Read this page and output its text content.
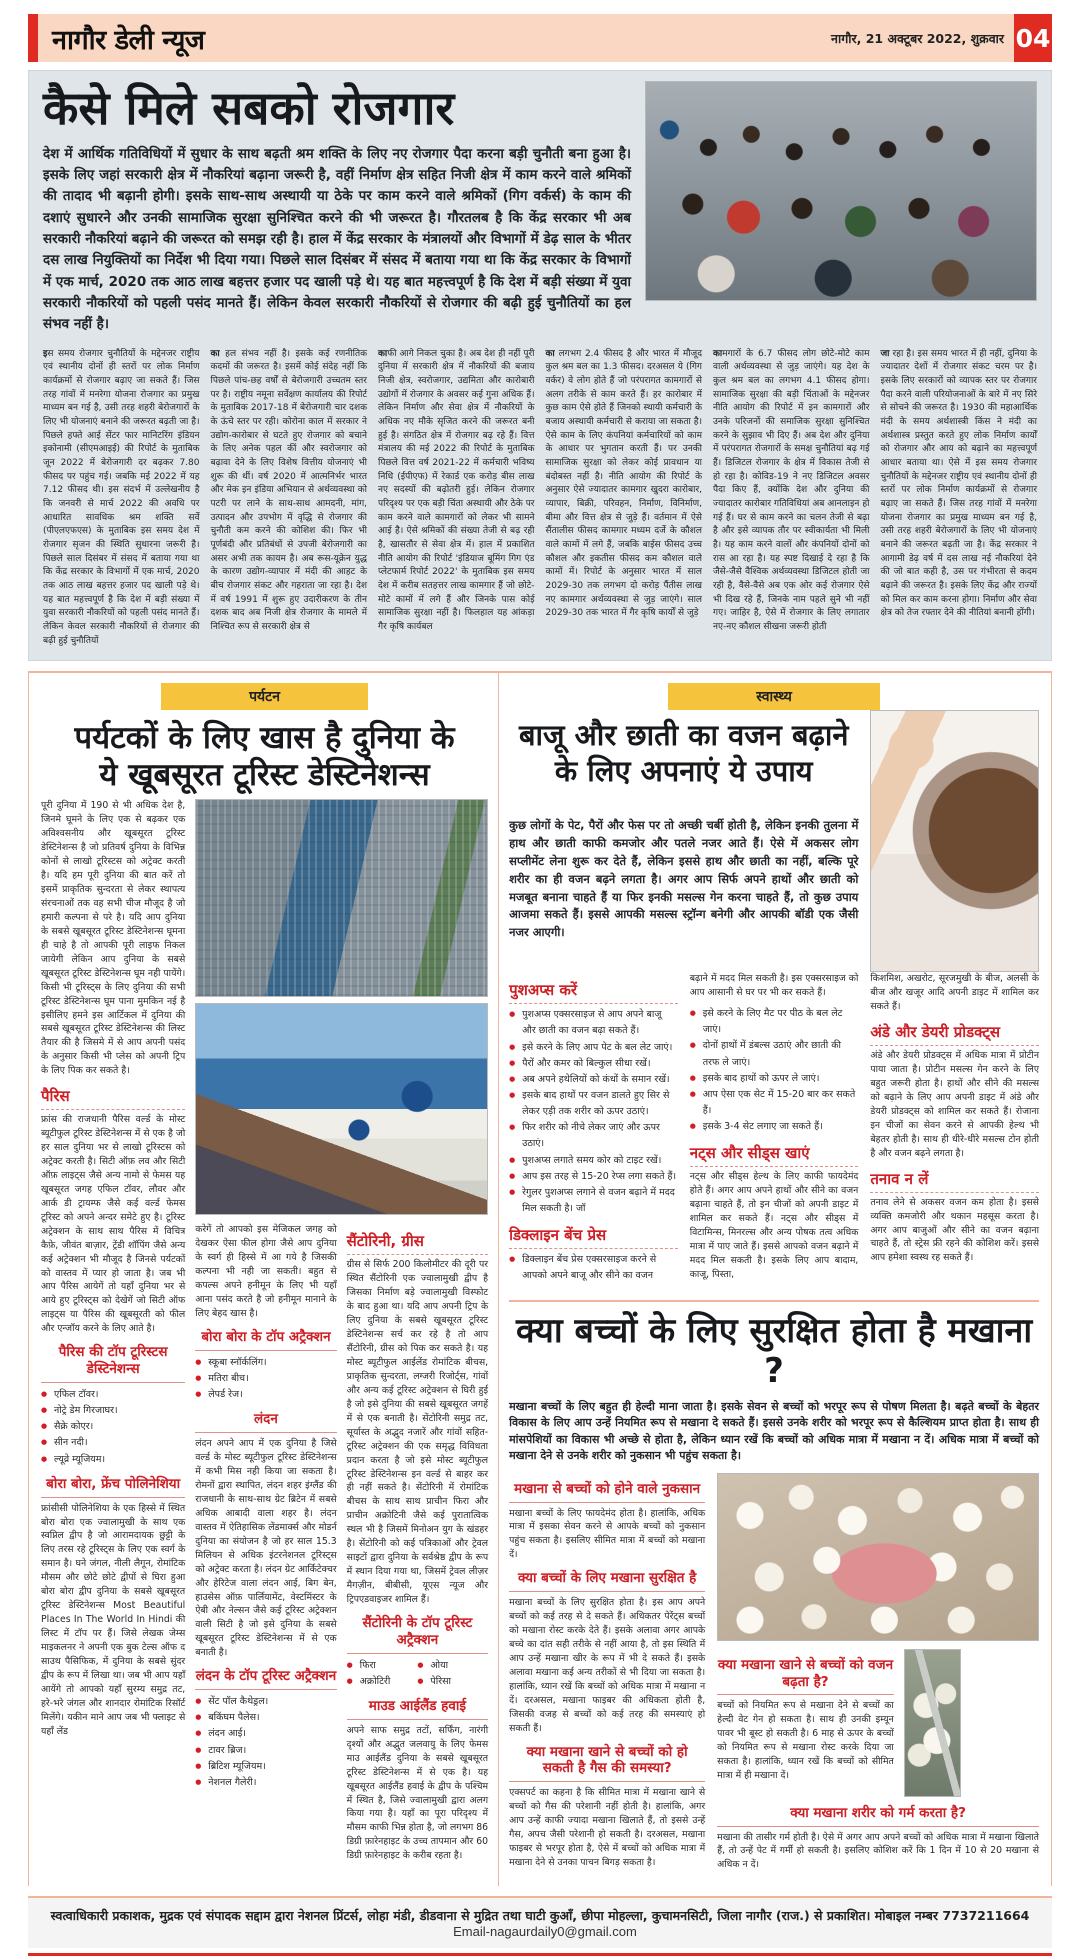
नागौर डेली न्यूज	नागौर, 21 अक्टूबर 2022, शुक्रवार 04
कैसे मिले सबको रोजगार

देश में आर्थिक गतिविधियों में सुधार के साथ बढ़ती श्रम शक्ति के लिए नए रोजगार पैदा करना बड़ी चुनौती बना हुआ है। इसके लिए जहां सरकारी क्षेत्र में नौकरियां बढ़ाना जरूरी है, वहीं निर्माण क्षेत्र सहित निजी क्षेत्र में काम करने वाले श्रमिकों की तादाद भी बढ़ानी होगी। इसके साथ-साथ अस्थायी या ठेके पर काम करने वाले श्रमिकों (गिग वर्कर्स) के काम की दशाएं सुधारने और उनकी सामाजिक सुरक्षा सुनिश्चित करने की भी जरूरत है। गौरतलब है कि केंद्र सरकार भी अब सरकारी नौकरियां बढ़ाने की जरूरत को समझ रही है। हाल में केंद्र सरकार के मंत्रालयों और विभागों में डेढ़ साल के भीतर दस लाख नियुक्तियों का निर्देश भी दिया गया। पिछले साल दिसंबर में संसद में बताया गया था कि केंद्र सरकार के विभागों में एक मार्च, 2020 तक आठ लाख बहत्तर हजार पद खाली पड़े थे। यह बात महत्त्वपूर्ण है कि देश में बड़ी संख्या में युवा सरकारी नौकरियों को पहली पसंद मानते हैं। लेकिन केवल सरकारी नौकरियों से रोजगार की बढ़ी हुई चुनौतियों का हल संभव नहीं है।

इस समय रोजगार चुनौतियों के मद्देनजर राष्ट्रीय एवं स्थानीय दोनों ही स्तरों पर लोक निर्माण कार्यक्रमों से रोजगार बढ़ाए जा सकते हैं। जिस तरह गांवों में मनरेगा योजना रोजगार का प्रमुख माध्यम बन गई है, उसी तरह शहरी बेरोजगारों के लिए भी योजनाएं बनाने की जरूरत बढ़ती जा है। पिछले हफ्ते आई सेंटर फार मानिटरिंग इंडियन इकोनामी (सीएमआइई) की रिपोर्ट के मुताबिक जून 2022 में बेरोजगारी दर बढ़कर 7.80 फीसद पर पहुंच गई। जबकि मई 2022 में यह 7.12 फीसद थी। इस संदर्भ में उल्लेखनीय है कि जनवरी से मार्च 2022 की अवधि पर आधारित सावधिक श्रम शक्ति सर्वे (पीएलएफएस) के मुताबिक इस समय देश में रोजगार सृजन की स्थिति सुधारना जरूरी है। पिछले साल दिसंबर में संसद में बताया गया था कि केंद्र सरकार के विभागों में एक मार्च, 2020 तक आठ लाख बहत्तर हजार पद खाली पड़े थे। यह बात महत्त्वपूर्ण है कि देश में बड़ी संख्या में युवा सरकारी नौकरियों को पहली पसंद मानते हैं। लेकिन केवल सरकारी नौकरियों से रोजगार की बढ़ी हुई चुनौतियों

का हल संभव नहीं है। इसके कई रणनीतिक कदमों की जरूरत है। इसमें कोई संदेह नहीं कि पिछले पांच-छह वर्षों से बेरोजगारी उच्चतम स्तर पर है। राष्ट्रीय नमूना सर्वेक्षण कार्यालय की रिपोर्ट के मुताबिक 2017-18 में बेरोजगारी चार दशक के ऊंचे स्तर पर रही। कोरोना काल में सरकार ने उद्योग-कारोबार से घटते हुए रोजगार को बचाने के लिए अनेक पहल कीं और स्वरोजगार को बढ़ावा देने के लिए विशेष वित्तीय योजनाएं भी शुरू की थीं। वर्ष 2020 में आत्मनिर्भर भारत और मेक इन इंडिया अभियान से अर्थव्यवस्था को पटरी पर लाने के साथ-साथ आमदनी, मांग, उत्पादन और उपभोग में वृद्धि से रोजगार की चुनौती कम करने की कोशिश की। फिर भी पूर्णबंदी और प्रतिबंधों से उपजी बेरोजगारी का असर अभी तक कायम है। अब रूस-यूक्रेन युद्ध के कारण उद्योग-व्यापार में मंदी की आहट के बीच रोजगार संकट और गहराता जा रहा है। देश में वर्ष 1991 में शुरू हुए उदारीकरण के तीन दशक बाद अब निजी क्षेत्र रोजगार के मामले में निश्चित रूप से सरकारी क्षेत्र से

काफी आगे निकल चुका है। अब देश ही नहीं पूरी दुनिया में सरकारी क्षेत्र में नौकरियों की बजाय निजी क्षेत्र, स्वरोजगार, उद्यमिता और कारोबारी उद्योगों में रोजगार के अवसर कई गुना अधिक हैं। लेकिन निर्माण और सेवा क्षेत्र में नौकरियों के अधिक नए मौके सृजित करने की जरूरत बनी हुई है। संगठित क्षेत्र में रोजगार बढ़ रहे हैं। वित्त मंत्रालय की मई 2022 की रिपोर्ट के मुताबिक पिछले वित्त वर्ष 2021-22 में कर्मचारी भविष्य निधि (ईपीएफ) में रेकार्ड एक करोड़ बीस लाख नए सदस्यों की बढ़ोतरी हुई। लेकिन रोजगार परिदृश्य पर एक बड़ी चिंता अस्थायी और ठेके पर काम करने वाले कामगारों को लेकर भी सामने आई है। ऐसे श्रमिकों की संख्या तेजी से बढ़ रही है, खासतौर से सेवा क्षेत्र में। हाल में प्रकाशित नीति आयोग की रिपोर्ट 'इंडियाज बूमिंग गिग एंड प्लेटफार्म रिपोर्ट 2022' के मुताबिक इस समय देश में करीब सतहत्तर लाख कामगार हैं जो छोटे-मोटे कामों में लगे हैं और जिनके पास कोई सामाजिक सुरक्षा नहीं है। फिलहाल यह आंकड़ा गैर कृषि कार्यबल

का लगभग 2.4 फीसद है और भारत में मौजूद कुल श्रम बल का 1.3 फीसद। दरअसल ये (गिग वर्कर) वे लोग होते हैं जो परंपरागत कामगारों से अलग तरीके से काम करते हैं। हर कारोबार में कुछ काम ऐसे होते हैं जिनको स्थायी कर्मचारी के बजाय अस्थायी कर्मचारी से कराया जा सकता है। ऐसे काम के लिए कंपनियां कर्मचारियों को काम के आधार पर भुगतान करती हैं। पर उनकी सामाजिक सुरक्षा को लेकर कोई प्रावधान या बंदोबस्त नहीं है। नीति आयोग की रिपोर्ट के अनुसार ऐसे ज्यादातर कामगार खुदरा कारोबार, व्यापार, बिक्री, परिवहन, निर्माण, विनिर्माण, बीमा और वित्त क्षेत्र से जुड़े हैं। वर्तमान में ऐसे सैंतालीस फीसद कामगार मध्यम दर्जे के कौशल वाले कामों में लगे हैं, जबकि बाईस फीसद उच्च कौशल और इकतीस फीसद कम कौशल वाले कामों में। रिपोर्ट के अनुसार भारत में साल 2029-30 तक लगभग दो करोड़ पैंतीस लाख नए कामगार अर्थव्यवस्था से जुड़ जाएंगे। साल 2029-30 तक भारत में गैर कृषि कार्यों से जुड़े

कामगारों के 6.7 फीसद लोग छोटे-मोटे काम वाली अर्थव्यवस्था से जुड़ जाएंगे। यह देश के कुल श्रम बल का लगभग 4.1 फीसद होगा। सामाजिक सुरक्षा की बड़ी चिंताओं के मद्देनजर नीति आयोग की रिपोर्ट में इन कामगारों और उनके परिजनों की समाजिक सुरक्षा सुनिश्चित करने के सुझाव भी दिए हैं। अब देश और दुनिया में परंपरागत रोजगारों के समक्ष चुनौतियां बढ़ गई हैं। डिजिटल रोजगार के क्षेत्र में विकास तेजी से हो रहा है। कोविड-19 ने नए डिजिटल अवसर पैदा किए हैं, क्योंकि देश और दुनिया की ज्यादातर कारोबार गतिविधियां अब आनलाइन हो गई हैं। घर से काम करने का चलन तेजी से बढ़ा है और इसे व्यापक तौर पर स्वीकार्यता भी मिली है। यह काम करने वालों और कंपनियों दोनों को रास आ रहा है। यह स्पष्ट दिखाई दे रहा है कि जैसे-जैसे वैश्विक अर्थव्यवस्था डिजिटल होती जा रही है, वैसे-वैसे अब एक ओर कई रोजगार ऐसे भी दिख रहे हैं, जिनके नाम पहले सुने भी नहीं गए। जाहिर है, ऐसे में रोजगार के लिए लगातार नए-नए कौशल सीखना जरूरी होती

जा रहा है। इस समय भारत में ही नहीं, दुनिया के ज्यादातर देशों में रोजगार संकट चरम पर है। इसके लिए सरकारों को व्यापक स्तर पर रोजगार पैदा करने वाली परियोजनाओं के बारे में नए सिरे से सोचने की जरूरत है। 1930 की महाआर्थिक मंदी के समय अर्थशास्त्री किंस ने मंदी का अर्थशास्त्र प्रस्तुत करते हुए लोक निर्माण कार्यों को रोजगार और आय को बढ़ाने का महत्त्वपूर्ण आधार बताया था। ऐसे में इस समय रोजगार चुनौतियों के मद्देनजर राष्ट्रीय एवं स्थानीय दोनों ही स्तरों पर लोक निर्माण कार्यक्रमों से रोजगार बढ़ाए जा सकते हैं। जिस तरह गांवों में मनरेगा योजना रोजगार का प्रमुख माध्यम बन गई है, उसी तरह शहरी बेरोजगारों के लिए भी योजनाएं बनाने की जरूरत बढ़ती जा है। केंद्र सरकार ने आगामी डेढ़ वर्ष में दस लाख नई नौकरियां देने की जो बात कही है, उस पर गंभीरता से कदम बढ़ाने की जरूरत है। इसके लिए केंद्र और राज्यों को मिल कर काम करना होगा। निर्माण और सेवा क्षेत्र को तेज रफ्तार देने की नीतियां बनानी होंगी।

पर्यटन
पर्यटकों के लिए खास है दुनिया के
ये खूबसूरत टूरिस्ट डेस्टिनेशन्स

पूरी दुनिया में 190 से भी अधिक देश है, जिनमे घूमने के लिए एक से बढ़कर एक अविश्वसनीय और खूबसूरत टूरिस्ट डेस्टिनेशन्स है जो प्रतिवर्ष दुनिया के विभिन्न कोनों से लाखो टूरिस्टस को अट्रेक्ट करती है। यदि हम पूरी दुनिया की बात करें तो इसमें प्राकृतिक सुन्दरता से लेकर स्थापत्य संरचनाओं तक वह सभी चीज मौजूद है जो हमारी कल्पना से परे है। यदि आप दुनिया के सबसे खूबसूरत टूरिस्ट डेस्टिनेशन्स घूमना ही चाहे है तो आपकी पूरी लाइफ निकल जायेगी लेकिन आप दुनिया के सबसे खूबसूरत टूरिस्ट डेस्टिनेशन्स घूम नही पायेंगे। किसी भी टूरिस्ट्स के लिए दुनिया की सभी टूरिस्ट डेस्टिनेशन्स घूम पाना मुमकिन नई है इसीलिए हमने इस आर्टिकल में दुनिया की सबसे खूबसूरत टूरिस्ट डेस्टिनेशन्स की लिस्ट तैयार की है जिसमे में से आप अपनी पसंद के अनुसार किसी भी प्लेस को अपनी ट्रिप के लिए पिक कर सकते है।

पैरिस

फ्रांस की राजधानी पैरिस वर्ल्ड के मोस्ट ब्यूटीफुल टूरिस्ट डेस्टिनेशन्स में से एक है जो हर साल दुनिया भर से लाखो टूरिस्टस को अट्रेक्ट करती है। सिटी ऑफ़ लव और सिटी ऑफ़ लाइट्स जैसे अन्य नामो से फेमस यह खूबसूरत जगह एफिल टॉवर, लौवर और आर्क डी ट्रायम्फ जैसे कई वर्ल्ड फेमस टूरिस्ट को अपने अन्दर समेटे हुए है। टूरिस्ट अट्रेक्शन के साथ साथ पैरिस में विचित्र कैफ़े, जीवंत बाज़ार, ट्रेंडी शॉपिंग जैसे अन्य कई अट्रेक्शन भी मौजूद है जिनसे पर्यटकों को वास्तव में प्यार हो जाता है। जब भी आप पैरिस आयेगें तो यहाँ दुनिया भर से आये हुए टूरिस्ट्स को देखेगें जो सिटी ऑफ लाइट्स या पैरिस की खूबसूरती को फील और एन्जॉय करने के लिए आते है।

पैरिस की टॉप टूरिस्टस डेस्टिनेशन्स
● एफिल टॉवर।
● नोट्रे डेम गिरजाघर।
● सैक्रे कोएर।
● सीन नदी।
● ल्यूव्रे म्यूजियम।
बोरा बोरा, फ्रेंच पोलिनेशिया

फ्रांसीसी पोलिनेशिया के एक हिस्से में स्थित बोरा बोरा एक ज्वालामुखी के साथ एक स्वप्निल द्वीप है जो आरामदायक छुट्टी के लिए तरस रहे टूरिस्ट्स के लिए एक स्वर्ग के समान है। घने जंगल, नीली लैगून, रोमांटिक मौसम और छोटे छोटे द्वीपों से घिरा हुआ बोरा बोरा द्वीप दुनिया के सबसे खूबसूरत टूरिस्ट डेस्टिनेशन्स Most Beautiful Places In The World In Hindi की लिस्ट में टॉप पर हैं। जिसे लेखक जेम्स माइकलनर ने अपनी एक बुक टेल्स ऑफ द साउथ पैसिफिक, में दुनिया के सबसे सुंदर द्वीप के रूप में लिखा था। जब भी आप यहाँ आयेंगे तो आपको यहाँ सुरम्य समुद्र तट, हरे-भरे जंगल और शानदार रोमांटिक रिसॉर्ट मिलेंगे। यकीन माने आप जब भी फ्लाइट से यहाँ लेंड

करेगें तो आपको इस मेजिकल जगह को देखकर ऐसा फील होगा जैसे आप दुनिया के स्वर्ग ही हिस्से में आ गये है जिसकी कल्पना भी नही जा सकती। बहुत से कपल्स अपने हनीमून के लिए भी यहाँ आना पसंद करते है जो हनीमून मानाने के लिए बेहद खास है।

बोरा बोरा के टॉप अट्रैक्शन
● स्कूबा स्नॉर्कलिंग।
● मतिरा बीच।
● लेपर्ड रेज।
लंदन

लंदन अपने आप में एक दुनिया है जिसे वर्ल्ड के मोस्ट ब्यूटीफुल टूरिस्ट डेस्टिनेशन्स में कभी मिस नही किया जा सकता है। रोमनों द्वारा स्थापित, लंदन शहर इंग्लैंड की राजधानी के साथ-साथ ग्रेट ब्रिटेन में सबसे अधिक आबादी वाला शहर है। लंदन वास्तव में ऐतिहासिक लेंडमार्क्स और मोडर्न दुनिया का संयोजन है जो हर साल 15.3 मिलियन से अधिक इंटरनेशनल टूरिस्ट्स को अट्रेक्ट करता है। लंदन ग्रेट आर्किटेक्चर और हेरिटेज वाला लंदन आई, बिग बेन, हाउसेस ऑफ़ पार्लियामेंट, वेस्टमिंस्टर के ऐबी और नेल्सन जैसे कई टूरिस्ट अट्रेक्शन वाली सिटी है जो इसे दुनिया के सबसे खूबसूरत टूरिस्ट डेस्टिनेशन्स में से एक बनाती है।

लंदन के टॉप टूरिस्ट अट्रैक्शन
● सेंट पॉल कैथेड्रल।
● बकिंघम पैलेस।
● लंदन आई।
● टावर ब्रिज।
● ब्रिटिश म्यूजियम।
● नेशनल गैलेरी।
सैंटोरिनी, ग्रीस

ग्रीस से सिर्फ 200 किलोमीटर की दूरी पर स्थित सैंटोरिनी एक ज्वालामुखी द्वीप है जिसका निर्माण बड़े ज्वालामुखी विस्फोट के बाद हुआ था। यदि आप अपनी ट्रिप के लिए दुनिया के सबसे खूबसूरत टूरिस्ट डेस्टिनेशन्स सर्च कर रहे है तो आप सैंटोरिनी, ग्रीस को पिक कर सकते है। यह मोस्ट ब्यूटीफुल आईलेंड रोमांटिक बीचस, प्राकृतिक सुन्दरता, लग्जरी रिजोर्ट्स, गांवों और अन्य कई टूरिस्ट अट्रेक्शन से घिरी हुई है जो इसे दुनिया की सबसे खूबसूरत जगहें में से एक बनाती है। सेंटोरिनी समुद्र तट, सूर्यास्त के अद्भुद नजारें और गांवों सहित- टूरिस्ट अट्रेक्शन की एक समृद्ध विविधता प्रदान करता है जो इसे मोस्ट ब्यूटीफुल टूरिस्ट डेस्टिनेशन्स इन वर्ल्ड से बाहर कर ही नहीं सकते है। सेंटोरिनी में रोमांटिक बीचस के साथ साथ प्राचीन फिरा और प्राचीन अक्रोटिनी जैसे कई पुरातात्विक स्थल भी है जिसमें मिनोअन युग के खंडहर है। सेंटोरिनी को कई पत्रिकाओं और ट्रेवल साइटों द्वारा दुनिया के सर्वश्रेष्ठ द्वीप के रूप में स्थान दिया गया था, जिसमें ट्रेवल लीज़र मैगज़ीन, बीबीसी, यूएस न्यूज और ट्रिपएडवाइजर शामिल हैं।

सैंटोरिनी के टॉप टूरिस्ट अट्रैक्शन
● फिरा	● ओया
● अक्रोटिरी	● पेरिसा
माउड आईलैंड हवाई

अपने साफ समुद्र तटों, सर्फिंग, नारंगी दृश्यों और अद्भुत जलवायु के लिए फेमस माउ आईलैंड दुनिया के सबसे खूबसूरत टूरिस्ट डेस्टिनेशन्स में से एक है। यह खूबसूरत आईलैंड हवाई के द्वीप के पश्चिम में स्थित है, जिसे ज्वालामुखी द्वारा अलग किया गया है। यहाँ का पूरा परिदृश्य में मौसम काफी भिन्न होता है, जो लगभग 86 डिग्री फ़ारेनहाइट के उच्च तापमान और 60 डिग्री फ़ारेनहाइट के करीब रहता है।

स्वास्थ्य
बाजू और छाती का वजन बढ़ाने
के लिए अपनाएं ये उपाय

कुछ लोगों के पेट, पैरों और फेस पर तो अच्छी चर्बी होती है, लेकिन इनकी तुलना में हाथ और छाती काफी कमजोर और पतले नजर आते हैं। ऐसे में अकसर लोग सप्लीमेंट लेना शुरू कर देते हैं, लेकिन इससे हाथ और छाती का नहीं, बल्कि पूरे शरीर का ही वजन बढ़ने लगता है। अगर आप सिर्फ अपने हाथों और छाती को मजबूत बनाना चाहते हैं या फिर इनकी मसल्स गेन करना चाहते हैं, तो कुछ उपाय आजमा सकते हैं। इससे आपकी मसल्स स्ट्रॉन्ग बनेगी और आपकी बॉडी एक जैसी नजर आएगी।

पुशअप्स करें
● पुशअप्स एक्सरसाइज से आप अपने बाजू और छाती का वजन बढ़ा सकते हैं।
● इसे करने के लिए आप पेट के बल लेट जाएं।
● पैरों और कमर को बिल्कुल सीधा रखें।
● अब अपने हथेलियों को कंधों के समान रखें।
● इसके बाद हाथों पर वजन डालते हुए सिर से लेकर एड़ी तक शरीर को ऊपर उठाएं।
● फिर शरीर को नीचे लेकर जाएं और ऊपर उठाएं।
● पुशअप्स लगाते समय कोर को टाइट रखें।
● आप इस तरह से 15-20 रेप्स लगा सकते हैं।
● रेगुलर पुशअप्स लगाने से वजन बढ़ाने में मदद मिल सकती है। जॉ
डिक्लाइन बेंच प्रेस
● डिक्लाइन बेंच प्रेस एक्सरसाइज करने से आपको अपने बाजू और सीने का वजन

बढ़ाने में मदद मिल सकती है। इस एक्सरसाइज को आप आसानी से घर पर भी कर सकते हैं।

● इसे करने के लिए मैट पर पीठ के बल लेट जाएं।
● दोनों हाथों में डंबल्स उठाएं और छाती की तरफ ले जाएं।
● इसके बाद हाथों को ऊपर ले जाएं।
● आप ऐसा एक सेट में 15-20 बार कर सकते हैं।
● इसके 3-4 सेट लगाए जा सकते हैं।
नट्स और सीड्स खाएं

नट्स और सीड्स हेल्थ के लिए काफी फायदेमंद होते हैं। अगर आप अपने हाथों और सीने का वजन बढ़ाना चाहते हैं, तो इन चीजों को अपनी डाइट में शामिल कर सकते हैं। नट्स और सीड्स में विटामिन्स, मिनरल्स और अन्य पोषक तत्व अधिक मात्रा में पाए जाते हैं। इससे आपको वजन बढ़ाने में मदद मिल सकती है। इसके लिए आप बादाम, काजू, पिस्ता,

किशमिश, अखरोट, सूरजमुखी के बीज, अलसी के बीज और खजूर आदि अपनी डाइट में शामिल कर सकते हैं।

अंडे और डेयरी प्रोडक्ट्स

अंडे और डेयरी प्रोडक्ट्स में अधिक मात्रा में प्रोटीन पाया जाता है। प्रोटीन मसल्स गेन करने के लिए बहुत जरूरी होता है। हाथों और सीने की मसल्स को बढ़ाने के लिए आप अपनी डाइट में अंडे और डेयरी प्रोडक्ट्स को शामिल कर सकते हैं। रोजाना इन चीजों का सेवन करने से आपकी हेल्थ भी बेहतर होती है। साथ ही धीरे-धीरे मसल्स टोन होती है और वजन बढ़ने लगता है।

तनाव न लें

तनाव लेने से अकसर वजन कम होता है। इससे व्यक्ति कमजोरी और थकान महसूस करता है। अगर आप बाजुओं और सीने का वजन बढ़ाना चाहते हैं, तो स्ट्रेस फ्री रहने की कोशिश करें। इससे आप हमेशा स्वस्थ रह सकते हैं।

क्या बच्चों के लिए सुरक्षित होता है मखाना ?

मखाना बच्चों के लिए बहुत ही हेल्दी माना जाता है। इसके सेवन से बच्चों को भरपूर रूप से पोषण मिलता है। बढ़ते बच्चों के बेहतर विकास के लिए आप उन्हें नियमित रूप से मखाना दे सकते हैं। इससे उनके शरीर को भरपूर रूप से कैल्शियम प्राप्त होता है। साथ ही मांसपेशियों का विकास भी अच्छे से होता है, लेकिन ध्यान रखें कि बच्चों को अधिक मात्रा में मखाना न दें। अधिक मात्रा में बच्चों को मखाना देने से उनके शरीर को नुकसान भी पहुंच सकता है।

मखाना से बच्चों को होने वाले नुकसान

मखाना बच्चों के लिए फायदेमंद होता है। हालांकि, अधिक मात्रा में इसका सेवन करने से आपके बच्चों को नुकसान पहुंच सकता है। इसलिए सीमित मात्रा में बच्चों को मखाना दें।

क्या बच्चों के लिए मखाना सुरक्षित है

मखाना बच्चों के लिए सुरक्षित होता है। इस आप अपने बच्चों को कई तरह से दे सकते हैं। अधिकतर पेरेंट्स बच्चों को मखाना रोस्ट करके देते हैं। इसके अलावा अगर आपके बच्चे का दांत सही तरीके से नहीं आया है, तो इस स्थिति में आप उन्हें मखाना खीर के रूप में भी दे सकते हैं। इसके अलावा मखाना कई अन्य तरीकों से भी दिया जा सकता है। हालांकि, ध्यान रखें कि बच्चों को अधिक मात्रा में मखाना न दें। दरअसल, मखाना फाइबर की अधिकता होती है, जिसकी वजह से बच्चों को कई तरह की समस्याएं हो सकती हैं।

क्या मखाना खाने से बच्चों को हो सकती है गैस की समस्या?

एक्सपर्ट का कहना है कि सीमित मात्रा में मखाना खाने से बच्चों को गैस की परेशानी नहीं होती है। हालांकि, अगर आप उन्हें काफी ज्यादा मखाना खिलाते हैं, तो इससे उन्हें गैस, अपच जैसी परेशानी हो सकती है। दरअसल, मखाना फाइबर से भरपूर होता है, ऐसे में बच्चों को अधिक मात्रा में मखाना देने से उनका पाचन बिगड़ सकता है।

क्या मखाना खाने से बच्चों को वजन बढ़ता है?

बच्चों को नियमित रूप से मखाना देने से बच्चों का हेल्दी वेट गेन हो सकता है। साथ ही उनकी इम्यून पावर भी बूस्ट हो सकती है। 6 माह से ऊपर के बच्चों को नियमित रूप से मखाना रोस्ट करके दिया जा सकता है। हालांकि, ध्यान रखें कि बच्चों को सीमित मात्रा में ही मखाना दें।

क्या मखाना शरीर को गर्म करता है?

मखाना की तासीर गर्म होती है। ऐसे में अगर आप अपने बच्चों को अधिक मात्रा में मखाना खिलाते हैं, तो उन्हें पेट में गर्मी हो सकती है। इसलिए कोशिश करें कि 1 दिन में 10 से 20 मखाना से अधिक न दें।

स्वत्वाधिकारी प्रकाशक, मुद्रक एवं संपादक सद्दाम द्वारा नेशनल प्रिंटर्स, लोहा मंडी, डीडवाना से मुद्रित तथा घाटी कुआँ, छीपा मोहल्ला, कुचामनसिटी, जिला नागौर (राज.) से प्रकाशित। मोबाइल नम्बर 7737211664 Email-nagaurdaily0@gmail.com
